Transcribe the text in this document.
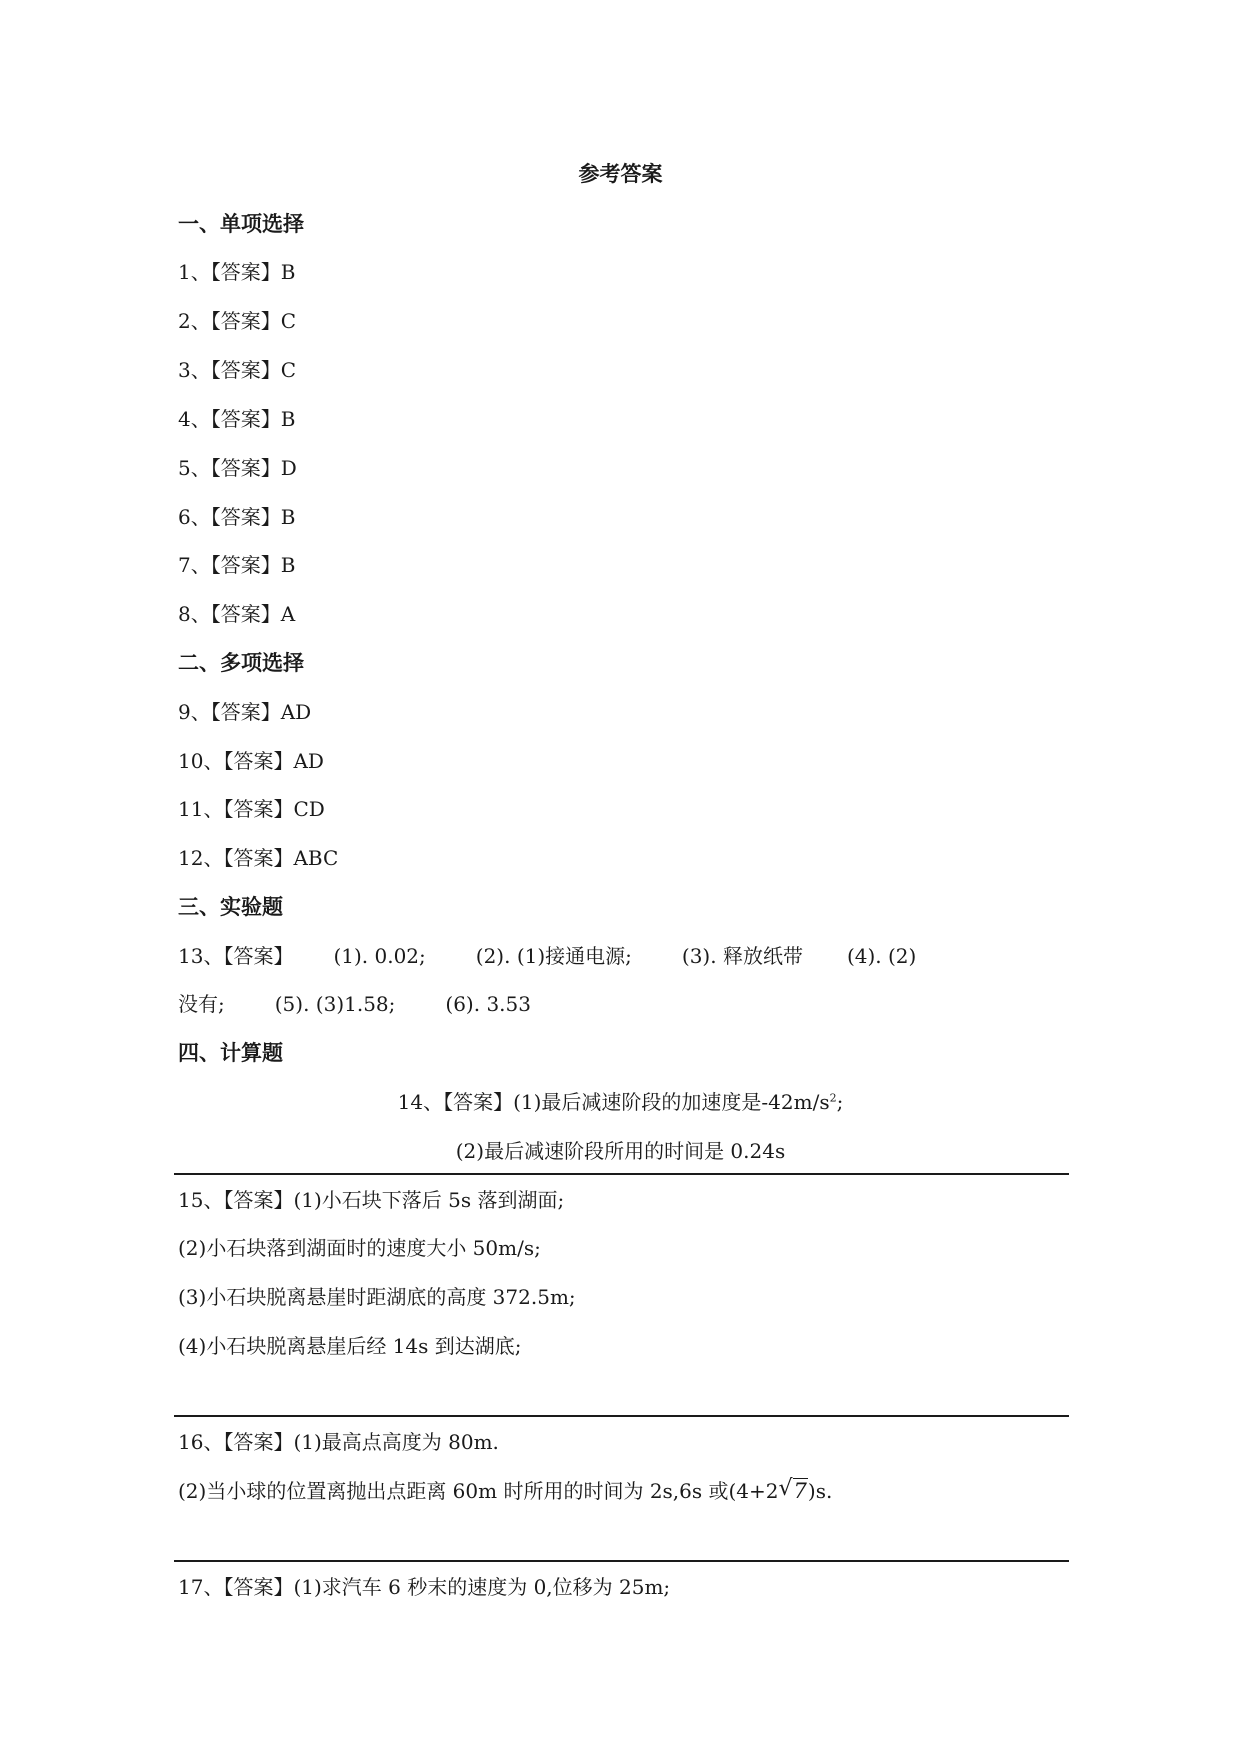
参考答案
一、单项选择
1、【答案】B
2、【答案】C
3、【答案】C
4、【答案】B
5、【答案】D
6、【答案】B
7、【答案】B
8、【答案】A
二、多项选择
9、【答案】AD
10、【答案】AD
11、【答案】CD
12、【答案】ABC
三、实验题
13、【答案】 (1). 0.02;	(2). (1)接通电源;	(3). 释放纸带 (4). (2)
没有;	(5). (3)1.58;	(6). 3.53
四、计算题
14、【答案】(1)最后减速阶段的加速度是$-42m/s^2$;
(2)最后减速阶段所用的时间是 0.24s
15、【答案】(1)小石块下落后 5s 落到湖面;
(2)小石块落到湖面时的速度大小 50m/s;
(3)小石块脱离悬崖时距湖底的高度 372.5m;
(4)小石块脱离悬崖后经 14s 到达湖底;
16、【答案】(1)最高点高度为 80m.
(2)当小球的位置离抛出点距离 60m 时所用的时间为 2s,6s 或(4+2 √ 7)s.
17、【答案】(1)求汽车 6 秒末的速度为 0,位移为 25m;
